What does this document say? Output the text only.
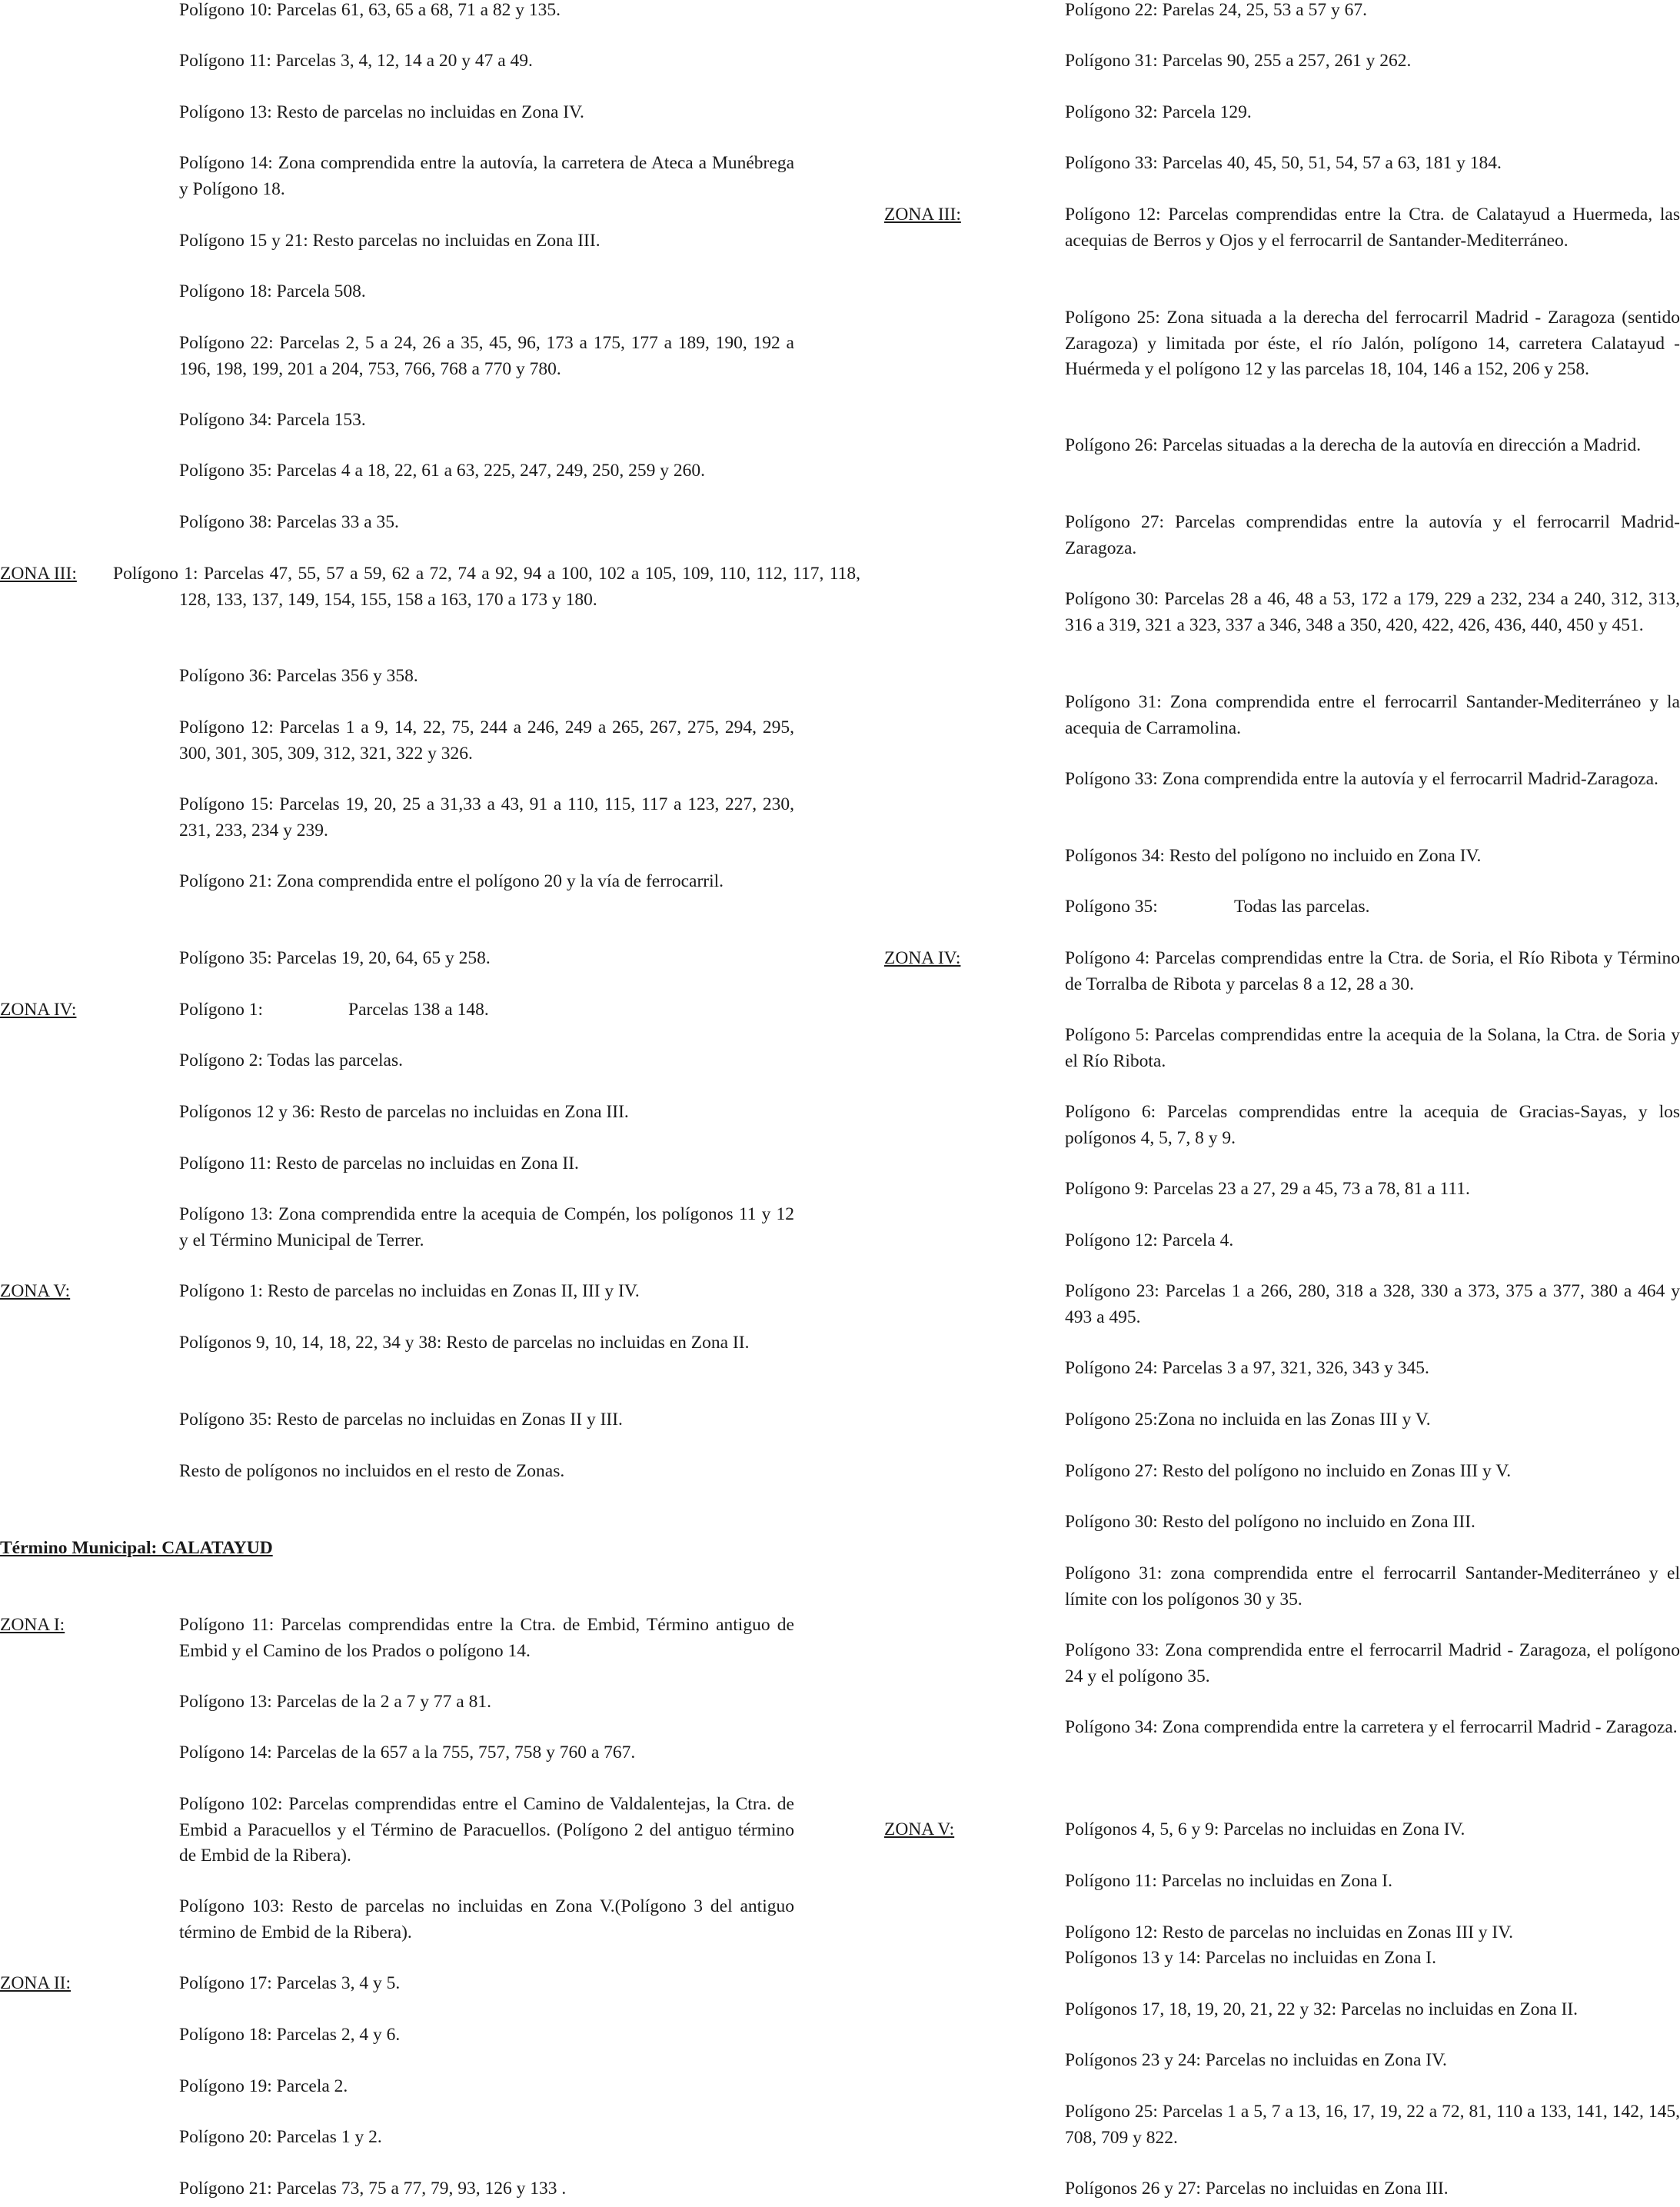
Polígono 10: Parcelas 61, 63, 65 a 68, 71 a 82 y 135.

Polígono 11: Parcelas 3, 4, 12, 14 a 20 y 47 a 49.

Polígono 13: Resto de parcelas no incluidas en Zona IV.

Polígono 14: Zona comprendida entre la autovía, la carretera de Ateca a Munébrega y Polígono 18.

Polígono 15 y 21: Resto parcelas no incluidas en Zona III.

Polígono 18: Parcela 508.

Polígono 22: Parcelas 2, 5 a 24, 26 a 35, 45, 96, 173 a 175, 177 a 189, 190, 192 a 196, 198, 199, 201 a 204, 753, 766, 768 a 770 y 780.

Polígono 34: Parcela 153.

Polígono 35: Parcelas 4 a 18, 22, 61 a 63, 225, 247, 249, 250, 259 y 260.

Polígono 38: Parcelas 33 a 35.

ZONA III: Polígono 1: Parcelas 47, 55, 57 a 59, 62 a 72, 74 a 92, 94 a 100, 102 a 105, 109, 110, 112, 117, 118, 128, 133, 137, 149, 154, 155, 158 a 163, 170 a 173 y 180.

Polígono 36: Parcelas 356 y 358.

Polígono 12: Parcelas 1 a 9, 14, 22, 75, 244 a 246, 249 a 265, 267, 275, 294, 295, 300, 301, 305, 309, 312, 321, 322 y 326.

Polígono 15: Parcelas 19, 20, 25 a 31,33 a 43, 91 a 110, 115, 117 a 123, 227, 230, 231, 233, 234 y 239.

Polígono 21: Zona comprendida entre el polígono 20 y la vía de ferrocarril.

Polígono 35: Parcelas 19, 20, 64, 65 y 258.

ZONA IV:	Polígono 1:	Parcelas 138 a 148.

Polígono 2: Todas las parcelas.

Polígonos 12 y 36: Resto de parcelas no incluidas en Zona III.

Polígono 11: Resto de parcelas no incluidas en Zona II.

Polígono 13: Zona comprendida entre la acequia de Compén, los polígonos 11 y 12 y el Término Municipal de Terrer.

ZONA V:	Polígono 1: Resto de parcelas no incluidas en Zonas II, III y IV.

Polígonos 9, 10, 14, 18, 22, 34 y 38: Resto de parcelas no incluidas en Zona II.

Polígono 35: Resto de parcelas no incluidas en Zonas II y III.

Resto de polígonos no incluidos en el resto de Zonas.

Término Municipal: CALATAYUD

ZONA I:	Polígono 11: Parcelas comprendidas entre la Ctra. de Embid, Término antiguo de Embid y el Camino de los Prados o polígono 14.

Polígono 13: Parcelas de la 2 a 7 y 77 a 81.

Polígono 14: Parcelas de la 657 a la 755, 757, 758 y 760 a 767.

Polígono 102: Parcelas comprendidas entre el Camino de Valdalentejas, la Ctra. de Embid a Paracuellos y el Término de Paracuellos. (Polígono 2 del antiguo término de Embid de la Ribera).

Polígono 103: Resto de parcelas no incluidas en Zona V.(Polígono 3 del antiguo término de Embid de la Ribera).

ZONA II:	Polígono 17: Parcelas 3, 4 y 5.

Polígono 18: Parcelas 2, 4 y 6.

Polígono 19: Parcela 2.

Polígono 20: Parcelas 1 y 2.

Polígono 21: Parcelas 73, 75 a 77, 79, 93, 126 y 133 .

Polígono 22: Parelas 24, 25, 53 a 57 y 67.

Polígono 31: Parcelas 90, 255 a 257, 261 y 262.

Polígono 32: Parcela 129.

Polígono 33: Parcelas 40, 45, 50, 51, 54, 57 a 63, 181 y 184.

ZONA III:	Polígono 12: Parcelas comprendidas entre la Ctra. de Calatayud a Huermeda, las acequias de Berros y Ojos y el ferrocarril de Santander-Mediterráneo.

Polígono 25: Zona situada a la derecha del ferrocarril Madrid - Zaragoza (sentido Zaragoza) y limitada por éste, el río Jalón, polígono 14, carretera Calatayud - Huérmeda y el polígono 12 y las parcelas 18, 104, 146 a 152, 206 y 258.

Polígono 26: Parcelas situadas a la derecha de la autovía en dirección a Madrid.

Polígono 27: Parcelas comprendidas entre la autovía y el ferrocarril Madrid- Zaragoza.

Polígono 30: Parcelas 28 a 46, 48 a 53, 172 a 179, 229 a 232, 234 a 240, 312, 313, 316 a 319, 321 a 323, 337 a 346, 348 a 350, 420, 422, 426, 436, 440, 450 y 451.

Polígono 31: Zona comprendida entre el ferrocarril Santander-Mediterráneo y la acequia de Carramolina.

Polígono 33: Zona comprendida entre la autovía y el ferrocarril Madrid-Zaragoza.

Polígonos 34: Resto del polígono no incluido en Zona IV.

Polígono 35:	Todas las parcelas.

ZONA IV:	Polígono 4: Parcelas comprendidas entre la Ctra. de Soria, el Río Ribota y Término de Torralba de Ribota y parcelas 8 a 12, 28 a 30.

Polígono 5: Parcelas comprendidas entre la acequia de la Solana, la Ctra. de Soria y el Río Ribota.

Polígono 6: Parcelas comprendidas entre la acequia de Gracias-Sayas, y los polígonos 4, 5, 7, 8 y 9.

Polígono 9: Parcelas 23 a 27, 29 a 45, 73 a 78, 81 a 111.

Polígono 12: Parcela 4.

Polígono 23: Parcelas 1 a 266, 280, 318 a 328, 330 a 373, 375 a 377, 380 a 464 y 493 a 495.

Polígono 24: Parcelas 3 a 97, 321, 326, 343 y 345.

Polígono 25:Zona no incluida en las Zonas III y V.

Polígono 27: Resto del polígono no incluido en Zonas III y V.

Polígono 30: Resto del polígono no incluido en Zona III.

Polígono 31: zona comprendida entre el ferrocarril Santander-Mediterráneo y el límite con los polígonos 30 y 35.

Polígono 33: Zona comprendida entre el ferrocarril Madrid - Zaragoza, el polígono 24 y el polígono 35.

Polígono 34: Zona comprendida entre la carretera y el ferrocarril Madrid - Zaragoza.

ZONA V:	Polígonos 4, 5, 6 y 9: Parcelas no incluidas en Zona IV.

Polígono 11: Parcelas no incluidas en Zona I.

Polígono 12: Resto de parcelas no incluidas en Zonas III y IV.

Polígonos 13 y 14: Parcelas no incluidas en Zona I.

Polígonos 17, 18, 19, 20, 21, 22 y 32: Parcelas no incluidas en Zona II.

Polígonos 23 y 24: Parcelas no incluidas en Zona IV.

Polígono 25: Parcelas 1 a 5, 7 a 13, 16, 17, 19, 22 a 72, 81, 110 a 133, 141, 142, 145, 708, 709 y 822.

Polígonos 26 y 27: Parcelas no incluidas en Zona III.
